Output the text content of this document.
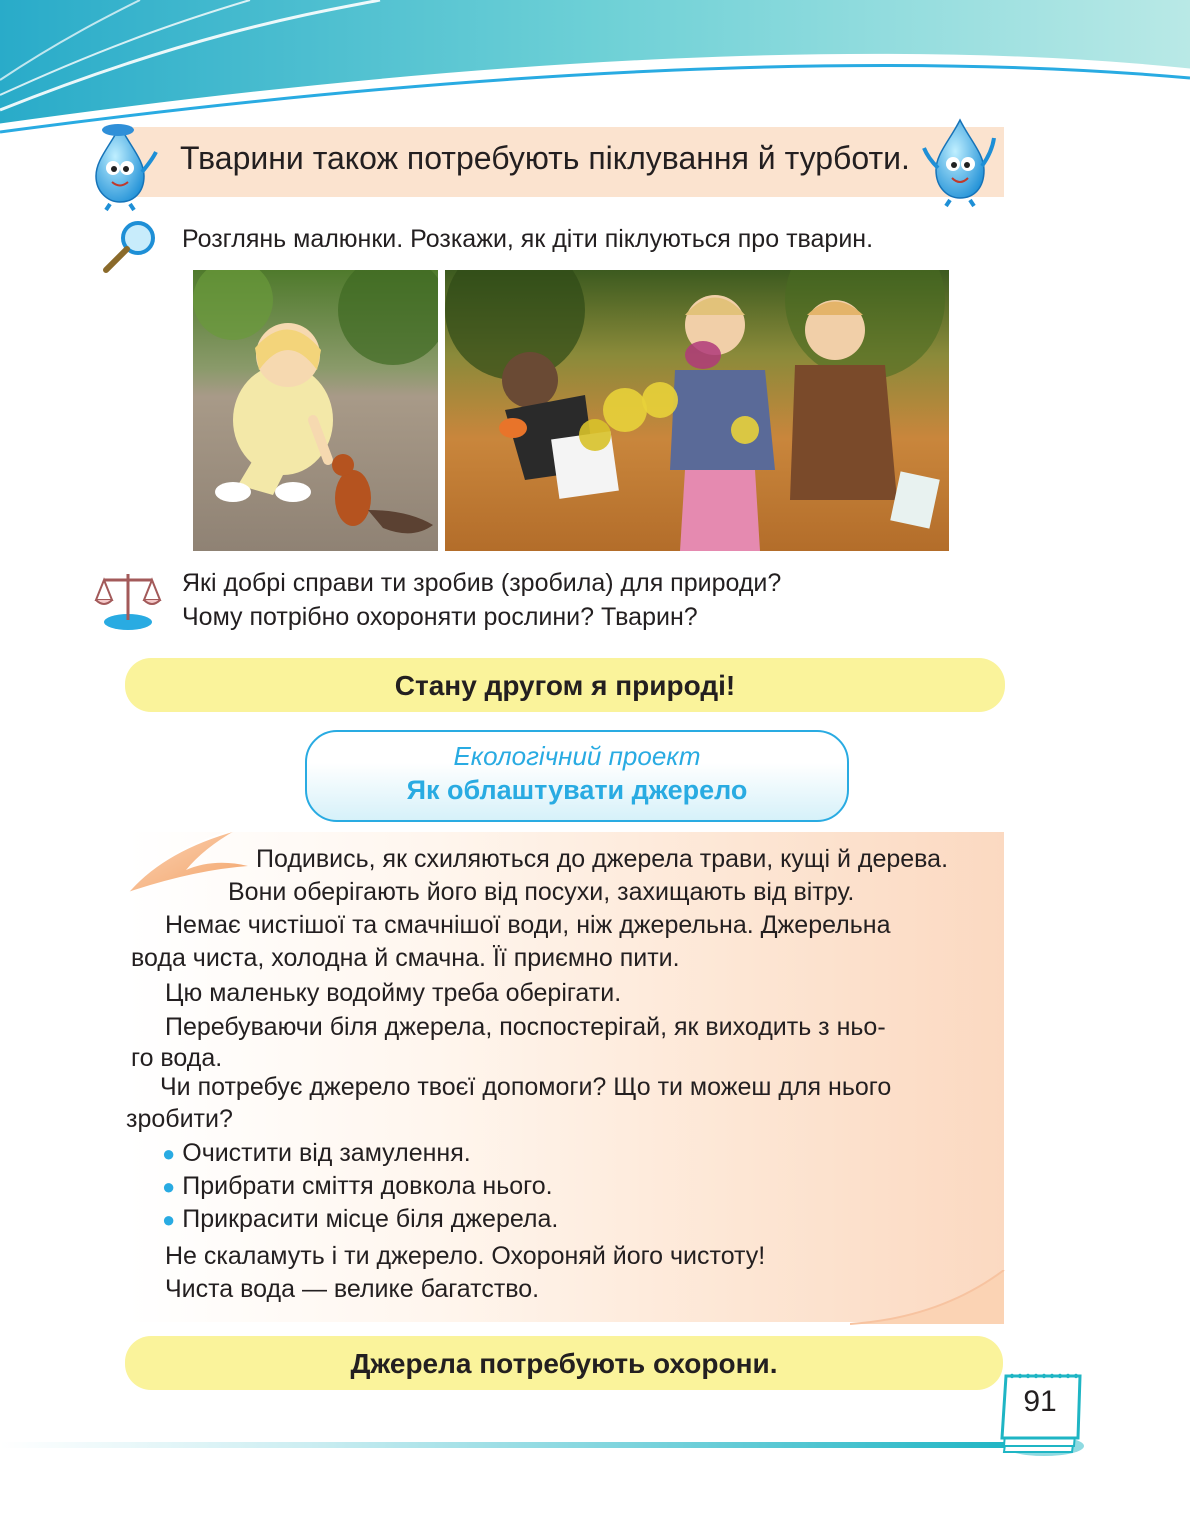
Тварини також потребують піклування й турботи.
Розглянь малюнки. Розкажи, як діти піклуються про тварин.
Які добрі справи ти зробив (зробила) для природи?
Чому потрібно охороняти рослини? Тварин?
Стану другом я природі!
Екологічний проект
Як облаштувати джерело
Подивись, як схиляються до джерела трави, кущі й дерева.
Вони оберігають його від посухи, захищають від вітру.
Немає чистішої та смачнішої води, ніж джерельна. Джерельна
вода чиста, холодна й смачна. Її приємно пити.
Цю маленьку водойму треба оберігати.
Перебуваючи біля джерела, поспостерігай, як виходить з ньо-
го вода.
Чи потребує джерело твоєї допомоги? Що ти можеш для нього
зробити?
● Очистити від замулення.
● Прибрати сміття довкола нього.
● Прикрасити місце біля джерела.
Не скаламуть і ти джерело. Охороняй його чистоту!
Чиста вода — велике багатство.
Джерела потребують охорони.
91
